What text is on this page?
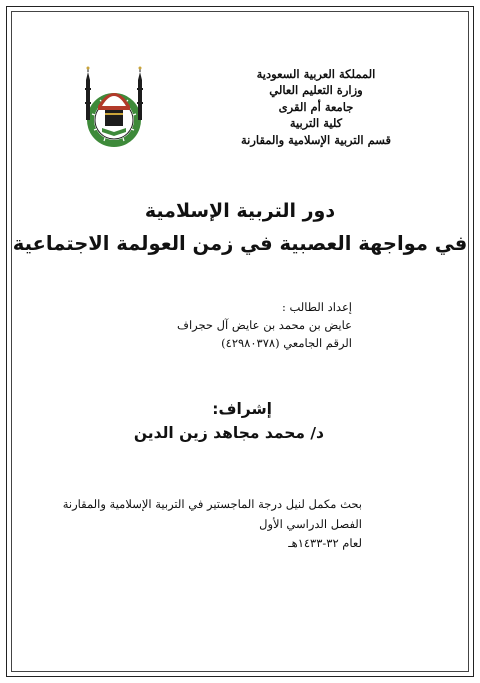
المملكة العربية السعودية
وزارة التعليم العالي
جامعة أم القرى
كلية التربية
قسم التربية الإسلامية والمقارنة
دور التربية الإسلامية
في مواجهة العصبية في زمن العولمة الاجتماعية
إعداد الطالب :
عايض بن محمد بن عايض آل حجراف
الرقم الجامعي (٤٢٩٨٠٣٧٨)
إشراف:
د/ محمد مجاهد زين الدين
بحث مكمل لنيل درجة الماجستير في التربية الإسلامية والمقارنة
الفصل الدراسي الأول
لعام ٣٢-١٤٣٣هـ
